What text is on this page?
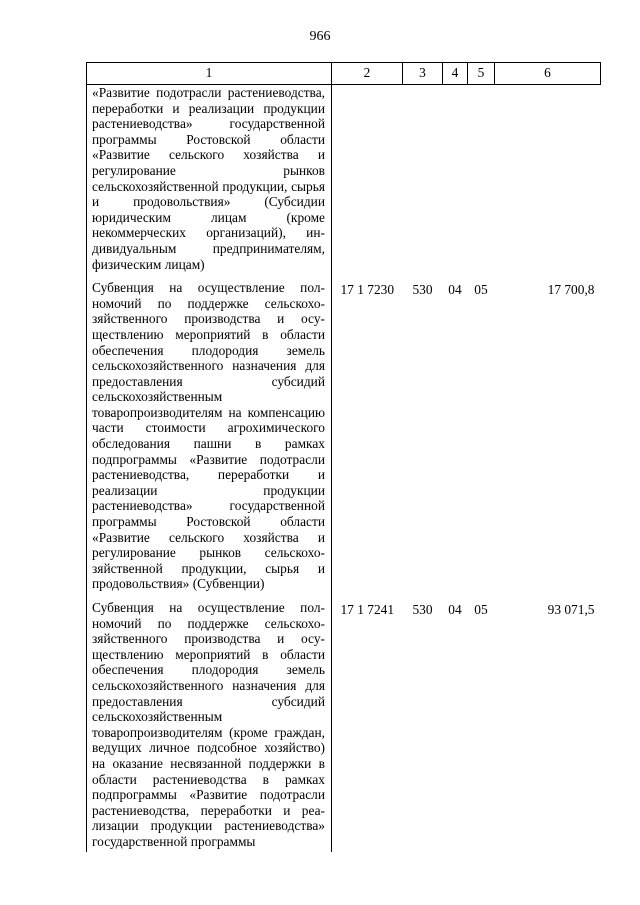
966
1	2	3	4	5	6
«Развитие подотрасли растениеводства, переработки и реализации продукции растениеводства» государственной программы Ростовской области «Развитие сельского хозяйства и регулирование рынков сельскохозяйственной продукции, сырья и продовольствия» (Субсидии юридическим лицам (кроме некоммерческих организаций), индивидуальным предпринимателям, физическим лицам)					

Субвенция на осуществление полномочий по поддержке сельскохозяйственного производства и осуществлению мероприятий в области обеспечения плодородия земель сельскохозяйственного назначения для предоставления субсидий сельскохозяйственным товаропроизводителям на компенсацию части стоимости агрохимического обследования пашни в рамках подпрограммы «Развитие подотрасли растениеводства, переработки и реализации продукции растениеводства» государственной программы Ростовской области «Развитие сельского хозяйства и регулирование рынков сельскохозяйственной продукции, сырья и продовольствия» (Субвенции)	17 1 7230	530	04	05	17 700,8

Субвенция на осуществление полномочий по поддержке сельскохозяйственного производства и осуществлению мероприятий в области обеспечения плодородия земель сельскохозяйственного назначения для предоставления субсидий сельскохозяйственным товаропроизводителям (кроме граждан, ведущих личное подсобное хозяйство) на оказание несвязанной поддержки в области растениеводства в рамках подпрограммы «Развитие подотрасли растениеводства, переработки и реализации продукции растениеводства» государственной программы	17 1 7241	530	04	05	93 071,5
